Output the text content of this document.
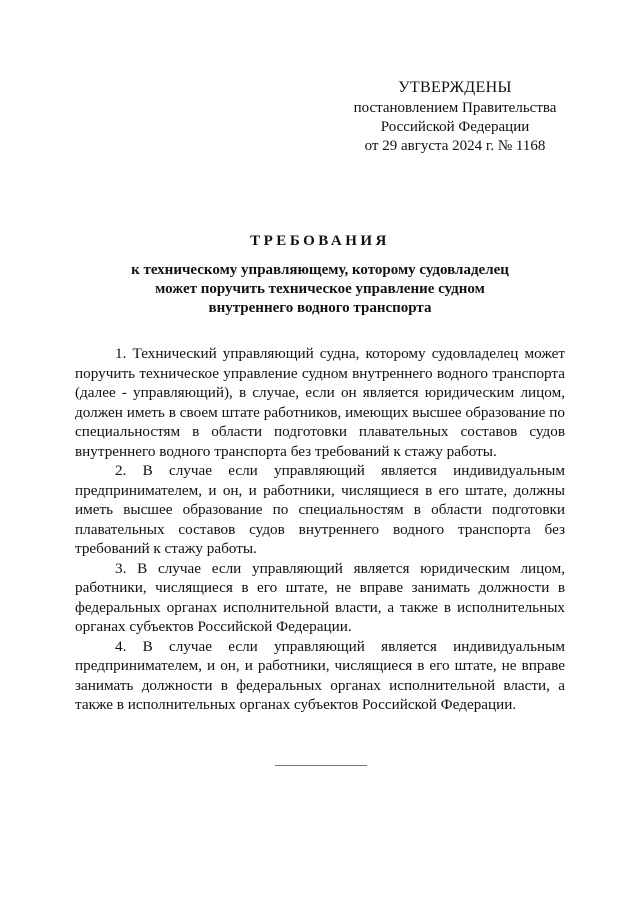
УТВЕРЖДЕНЫ
постановлением Правительства
Российской Федерации
от 29 августа 2024 г. № 1168
ТРЕБОВАНИЯ
к техническому управляющему, которому судовладелец
может поручить техническое управление судном
внутреннего водного транспорта

1. Технический управляющий судна, которому судовладелец может поручить техническое управление судном внутреннего водного транспорта (далее - управляющий), в случае, если он является юридическим лицом, должен иметь в своем штате работников, имеющих высшее образование по специальностям в области подготовки плавательных составов судов внутреннего водного транспорта без требований к стажу работы.

2. В случае если управляющий является индивидуальным предпринимателем, и он, и работники, числящиеся в его штате, должны иметь высшее образование по специальностям в области подготовки плавательных составов судов внутреннего водного транспорта без требований к стажу работы.

3. В случае если управляющий является юридическим лицом, работники, числящиеся в его штате, не вправе занимать должности в федеральных органах исполнительной власти, а также в исполнительных органах субъектов Российской Федерации.

4. В случае если управляющий является индивидуальным предпринимателем, и он, и работники, числящиеся в его штате, не вправе занимать должности в федеральных органах исполнительной власти, а также в исполнительных органах субъектов Российской Федерации.
